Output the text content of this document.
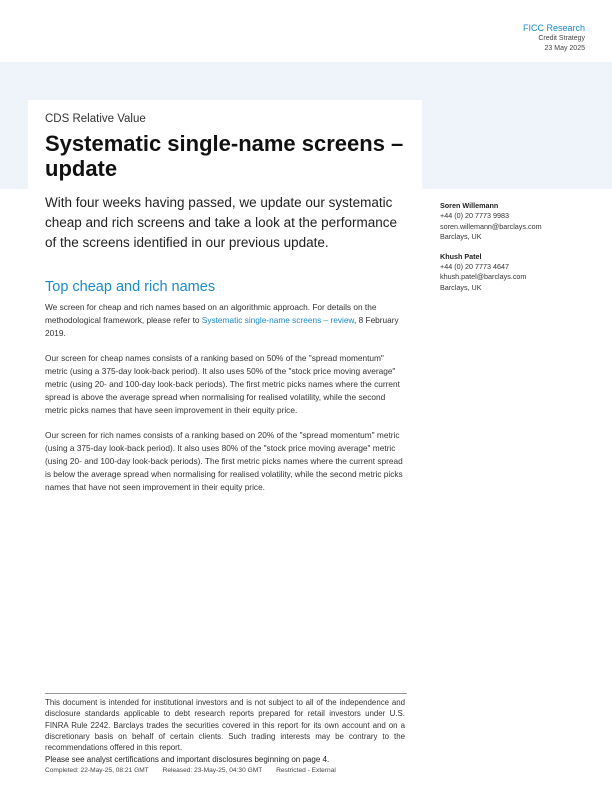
FICC Research
Credit Strategy
23 May 2025
CDS Relative Value
Systematic single-name screens – update

With four weeks having passed, we update our systematic cheap and rich screens and take a look at the performance of the screens identified in our previous update.

Top cheap and rich names

We screen for cheap and rich names based on an algorithmic approach. For details on the methodological framework, please refer to Systematic single-name screens – review, 8 February 2019.

Our screen for cheap names consists of a ranking based on 50% of the "spread momentum" metric (using a 375-day look-back period). It also uses 50% of the "stock price moving average" metric (using 20- and 100-day look-back periods). The first metric picks names where the current spread is above the average spread when normalising for realised volatility, while the second metric picks names that have seen improvement in their equity price.

Our screen for rich names consists of a ranking based on 20% of the "spread momentum" metric (using a 375-day look-back period). It also uses 80% of the "stock price moving average" metric (using 20- and 100-day look-back periods). The first metric picks names where the current spread is below the average spread when normalising for realised volatility, while the second metric picks names that have not seen improvement in their equity price.

Soren Willemann
+44 (0) 20 7773 9983
soren.willemann@barclays.com
Barclays, UK
Khush Patel
+44 (0) 20 7773 4647
khush.patel@barclays.com
Barclays, UK

This document is intended for institutional investors and is not subject to all of the independence and disclosure standards applicable to debt research reports prepared for retail investors under U.S. FINRA Rule 2242. Barclays trades the securities covered in this report for its own account and on a discretionary basis on behalf of certain clients. Such trading interests may be contrary to the recommendations offered in this report.

Please see analyst certifications and important disclosures beginning on page 4.
Completed: 22-May-25, 08:21 GMT Released: 23-May-25, 04:30 GMT Restricted - External
